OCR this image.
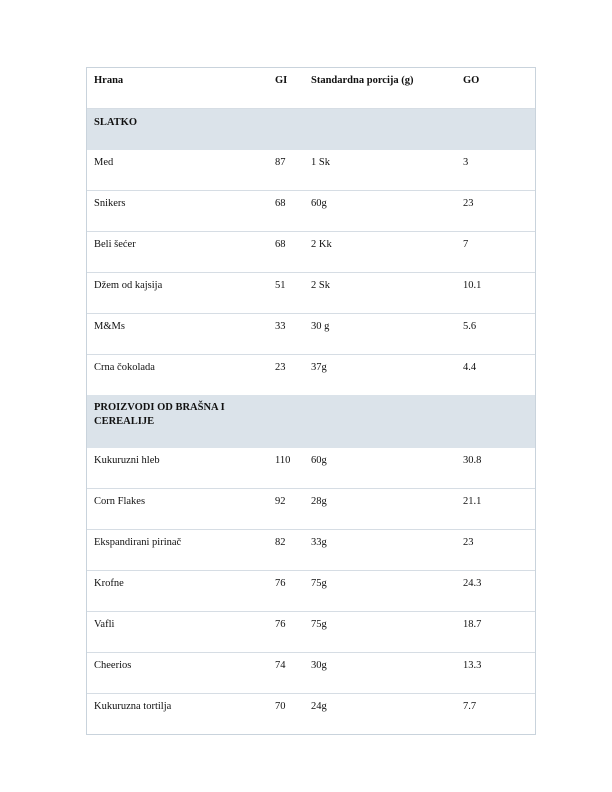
Hrana	GI	Standardna porcija (g)	GO

SLATKO			

Med	87	1 Sk	3
Snikers	68	60g	23
Beli šećer	68	2 Kk	7
Džem od kajsija	51	2 Sk	10.1
M&Ms	33	30 g	5.6
Crna čokolada	23	37g	4.4

PROIZVODI OD BRAŠNA I CEREALIJE			

Kukuruzni hleb	110	60g	30.8
Corn Flakes	92	28g	21.1
Ekspandirani pirinač	82	33g	23
Krofne	76	75g	24.3
Vafli	76	75g	18.7
Cheerios	74	30g	13.3
Kukuruzna tortilja	70	24g	7.7
